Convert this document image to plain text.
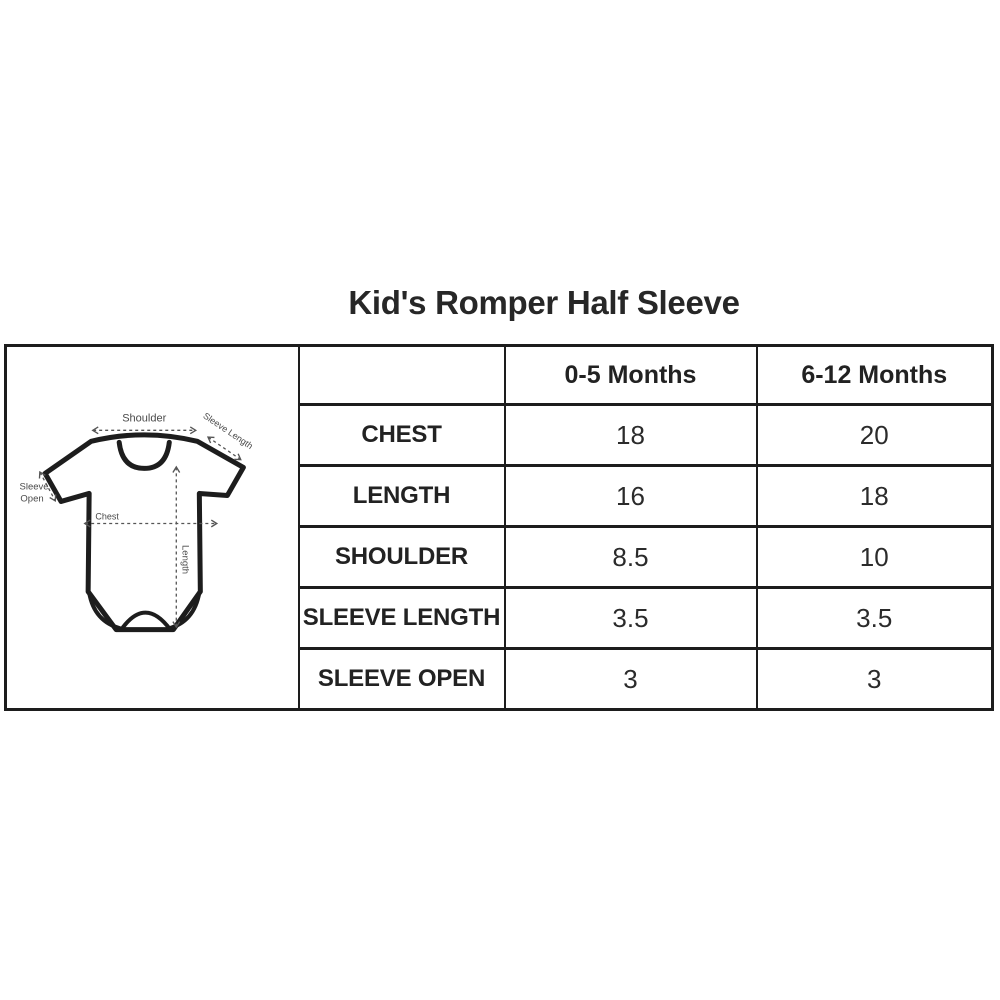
Kid's Romper Half Sleeve
Shoulder	Sleeve Length
Sleeve
Open
Chest
Length
		0-5 Months	6-12 Months
	CHEST	18	20
	LENGTH	16	18
	SHOULDER	8.5	10
	SLEEVE LENGTH	3.5	3.5
	SLEEVE OPEN	3	3
